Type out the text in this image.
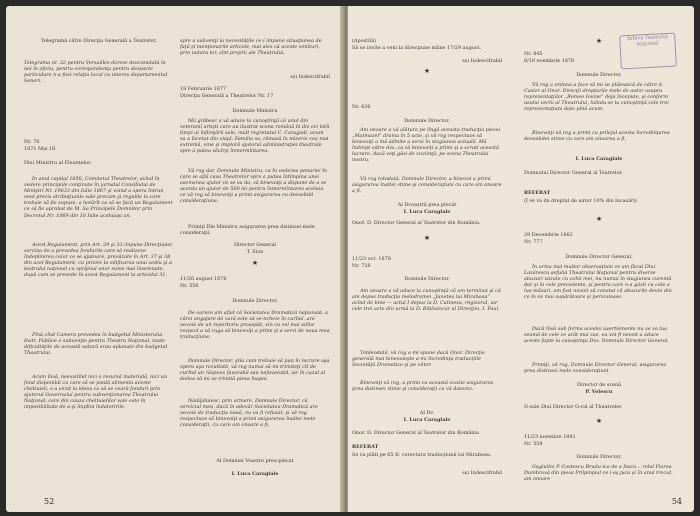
Telegramă către Direcţia Generală a Teatrelor.

Telegrama nr. 32 pentru Versailles doresc deocamdată în noi în oficiu, pentru corespondenţa pentru despacte particulare n-a fost relaţia locul cu interes departamentul Seneri.

Nr. 78

1871 Mai 18

Dlui Ministru al Finanţelor.

În anul capital 1850, Comitetul Theatrelor, avînd în vedere principiile conţinute în jurnalul Consiliului de Miniştri Nr. 19633 din Iulie 1867 şi voind a spera întrun mod precis atribuţiunile sale precum şi regulile la care trebuie să fie supuse, a hotărît ca să se facă un Regulament ce să fie aprobat de M. Sa Principele Domnitor prin Decretul Nr. 1069 din 18 Iulie aceluiaşi an.

Acest Regulament, prin Art. 29 şi 33 impune Direcţiunei sarcina de a prevedea fondurile care să realizeze îndeplinirea celor ce se ajutoare, prevăzute în Art. 37 şi 38 din acel Regulament, cu privire la edificarea unui sediu şi a teatrului naţional cu sprijinul unor sume mai însemnate, după cum se prevede în acest Regulament la articolul 31.

Pînă cînd Camera prevedea în budgetul Ministerului Instr. Publice o subvenţie pentru Theatru Naţional, toate dificultăţile de această natură erau aplanate din budgetul Theatrului.

Acum însă, neexistînd nici o resursă materială, nici un fond disponibil cu care să se poată alimenta aceste cheltuieli, s-a venit la ideea ca să se ceară fonduri prin ajutorul Guvernului pentru subvenţionarea Theatrului Naţional, care din cauza cheltuielilor sale este în imposibilitate de a-şi împlini îndatoririle.

spre a subvenţi la necesităţile ce-i impune situaţiunea de faţă şi menţionarile articole, mai ales că aceste venituri, prin natura lor, sînt proprii ale Theatrului.

ss) Indescifrabil

18 Februarie 1877

Direcţia Generală a Theatrelor Nr. 17

Domnule Ministru

Mă grăbesc a vă aduce la cunoştinţă că unul din veteranii artişti care au ilustrat scena română în dis cei întîi timpi ai înfiinţării sale, mult regretatul C. Caragiali, acum sa a încetat din viaţă. Familia sa, rămasă în mizerie cea mai extremă, vine şi imploră ajutorul administraţiei theatrale spre a putea săvîrşi înmormîntarea.

Vă rog dar, Domnule Ministru, ca în vederea penuriei în care se află casa Theatrelor spre a putea întîmpina unei asemenea ajutor ce se va da, să binevoiţi a dispune de a se acorda un ajutor de 500 lei pentru înmormîntarea aceluia ce vă rog să binevoiţi a primi asigurarea cu deosebită consideraţiune.

Primiţi Dle Ministru asigurarea prea distinsei mele consideraţii.

Director General

T. Sion

★

11/26 august 1878

Nr. 556

Domnule Director,

De oarece am aflat că Societatea Dramatică naţională, a cărei angajare de vară este să se-ncheie în curînd, are nevoie de un repertoriu proaspăt, vin cu cel mai adînc respect a vă ruga să binevoiţi a primi şi a servi de noua mea traducţiune.

Domnule Director, ştiu cum trebuie să pun în lucrare aşa opera aşa rezultată, vă rog numai să-mi trimiteţi cît de curînd un răspuns favorabil sau nefavorabil, iar în cazul al doilea să mi se trimită piesa înapoi.

Nădăjduiesc, prin urmare, Domnule Director, că serviciul meu, dacă în adevăr Societatea Dramatică are nevoie de traducţia nouă, nu va fi refuzat, şi vă rog respectuos să binevoiţi a primi asigurarea înaltei mele consideraţii, cu care am onoare a fi,

Al Domniei Voastre prea-plecat

I. Luca Caragiale

52
Arhiva Teatrului Naţional

(Apostilă)

Să se invite a veni la direcţiune mîine 17/29 august.

ss) Indescifrabil

★

Nr. 636

Domnule Director,

Am onoare a vă alătura pe lîngă aceasta traducţia piesei „Matmazel” drama în 5 acte, şi vă rog respectuos să binevoiţi a mă admite a servi în stagiunea actuală. Mă îndrept către dvs. ca să binevoiţi a primi şi a scruti această lucrare, dacă veţi găsi de cuviinţă, pe scena Theatrului nostru.

Vă rog totodată, Domnule Director, a binevoi a primi asigurarea înaltei stime şi consideraţiuni cu care am onoare a fi,

Al Dvoastră prea plecat

I. Luca Caragiale

Onor. D. Director General al Teatrelor din România.

★

11/23 oct. 1878

Nr. 728

Domnule Director,

Am onoare a vă aduce la cunoştinţă că am terminat şi că am depus traducţia melodramei „Junetea lui Mirabeau” avînd de bine — actul I depus la D. Catinesu, regisorul, iar cele trei acte din urmă la D. Bibliotecar al Direcţiei, I. Paul.

Totdeodată, vă rog a-mi spune dacă Onor. Direcţie generală mai binevoieşte a-mi încredinţa traducţiile Societăţii Dramatice şi pe viitor.

Binevoiţi vă rog, a primi cu această ocazie asigurarea prea distinsei stime şi consideraţii ce vă datorez.

Al Dv.

I. Luca Caragiale

Onor. D. Director General al Teatrelor din România

REFERAT

Se va plăti pe 65 fr. corectura traducţiunii lui Mirabeau.

ss) Indescifrabil

Nr. 845

6/18 noembrie 1878

★

Domnule Director,

Vă rog a ordona a face să mi se plătească de către d. Casier al Onor. Direcţii drepturile mele de autor asupra reprezentaţiilor „Romeo Iovine” deja începute, şi conform usului vechi al Theatrului, luîndu-se la cunoştinţă cele trei reprezentaţiuni date pînă acum.

Binevoiţi vă rog a primi cu prilejul acesta încredinţarea deosebitei stime cu care am onoarea a fi,

I. Luca Caragiale

Domnului Director General al Teatrelor.

REFERAT

(Î se va da dreptul de autor 10% din încasări)

★

29 Decembrie 1882

Nr. 777

Domnule Director General,

În urma mai multor observaţiuni ce am făcut Dlui Lazărescu şefului Theatrului Naţional pentru diverse abuzuri văzute cu ochii mei, nu numai în stagiunea curentă dar şi în cele precedente, şi pentru care n-a găsit cu cale a lua măsuri, am fost nevoit să constat că abuzurile devin din ce în ce mai supărătoare şi periculoase.

Dacă însă sub forma acestei avertismente nu se va lua seamă de cele ce arăt mai sus, eu voi fi nevoit a aduce aceste fapte la cunoştinţa Dvs. Domnule Director General.

Primiţi, vă rog, Domnule Director General, asigurarea prea distinsei mele consideraţiuni.

Director de scenă

P. Velescu

D-sale Dlui Director G-ral al Theatrelor.

★

11/23 noembre 1881

Nr. 559

Domnule Director,

Gagiulini P. Costescu Brudu-ica de a fasco... rolul Florea Dumbravă din piesa Prilpinpial ce i-aş juca şi în anul trecut, am onoare

54
